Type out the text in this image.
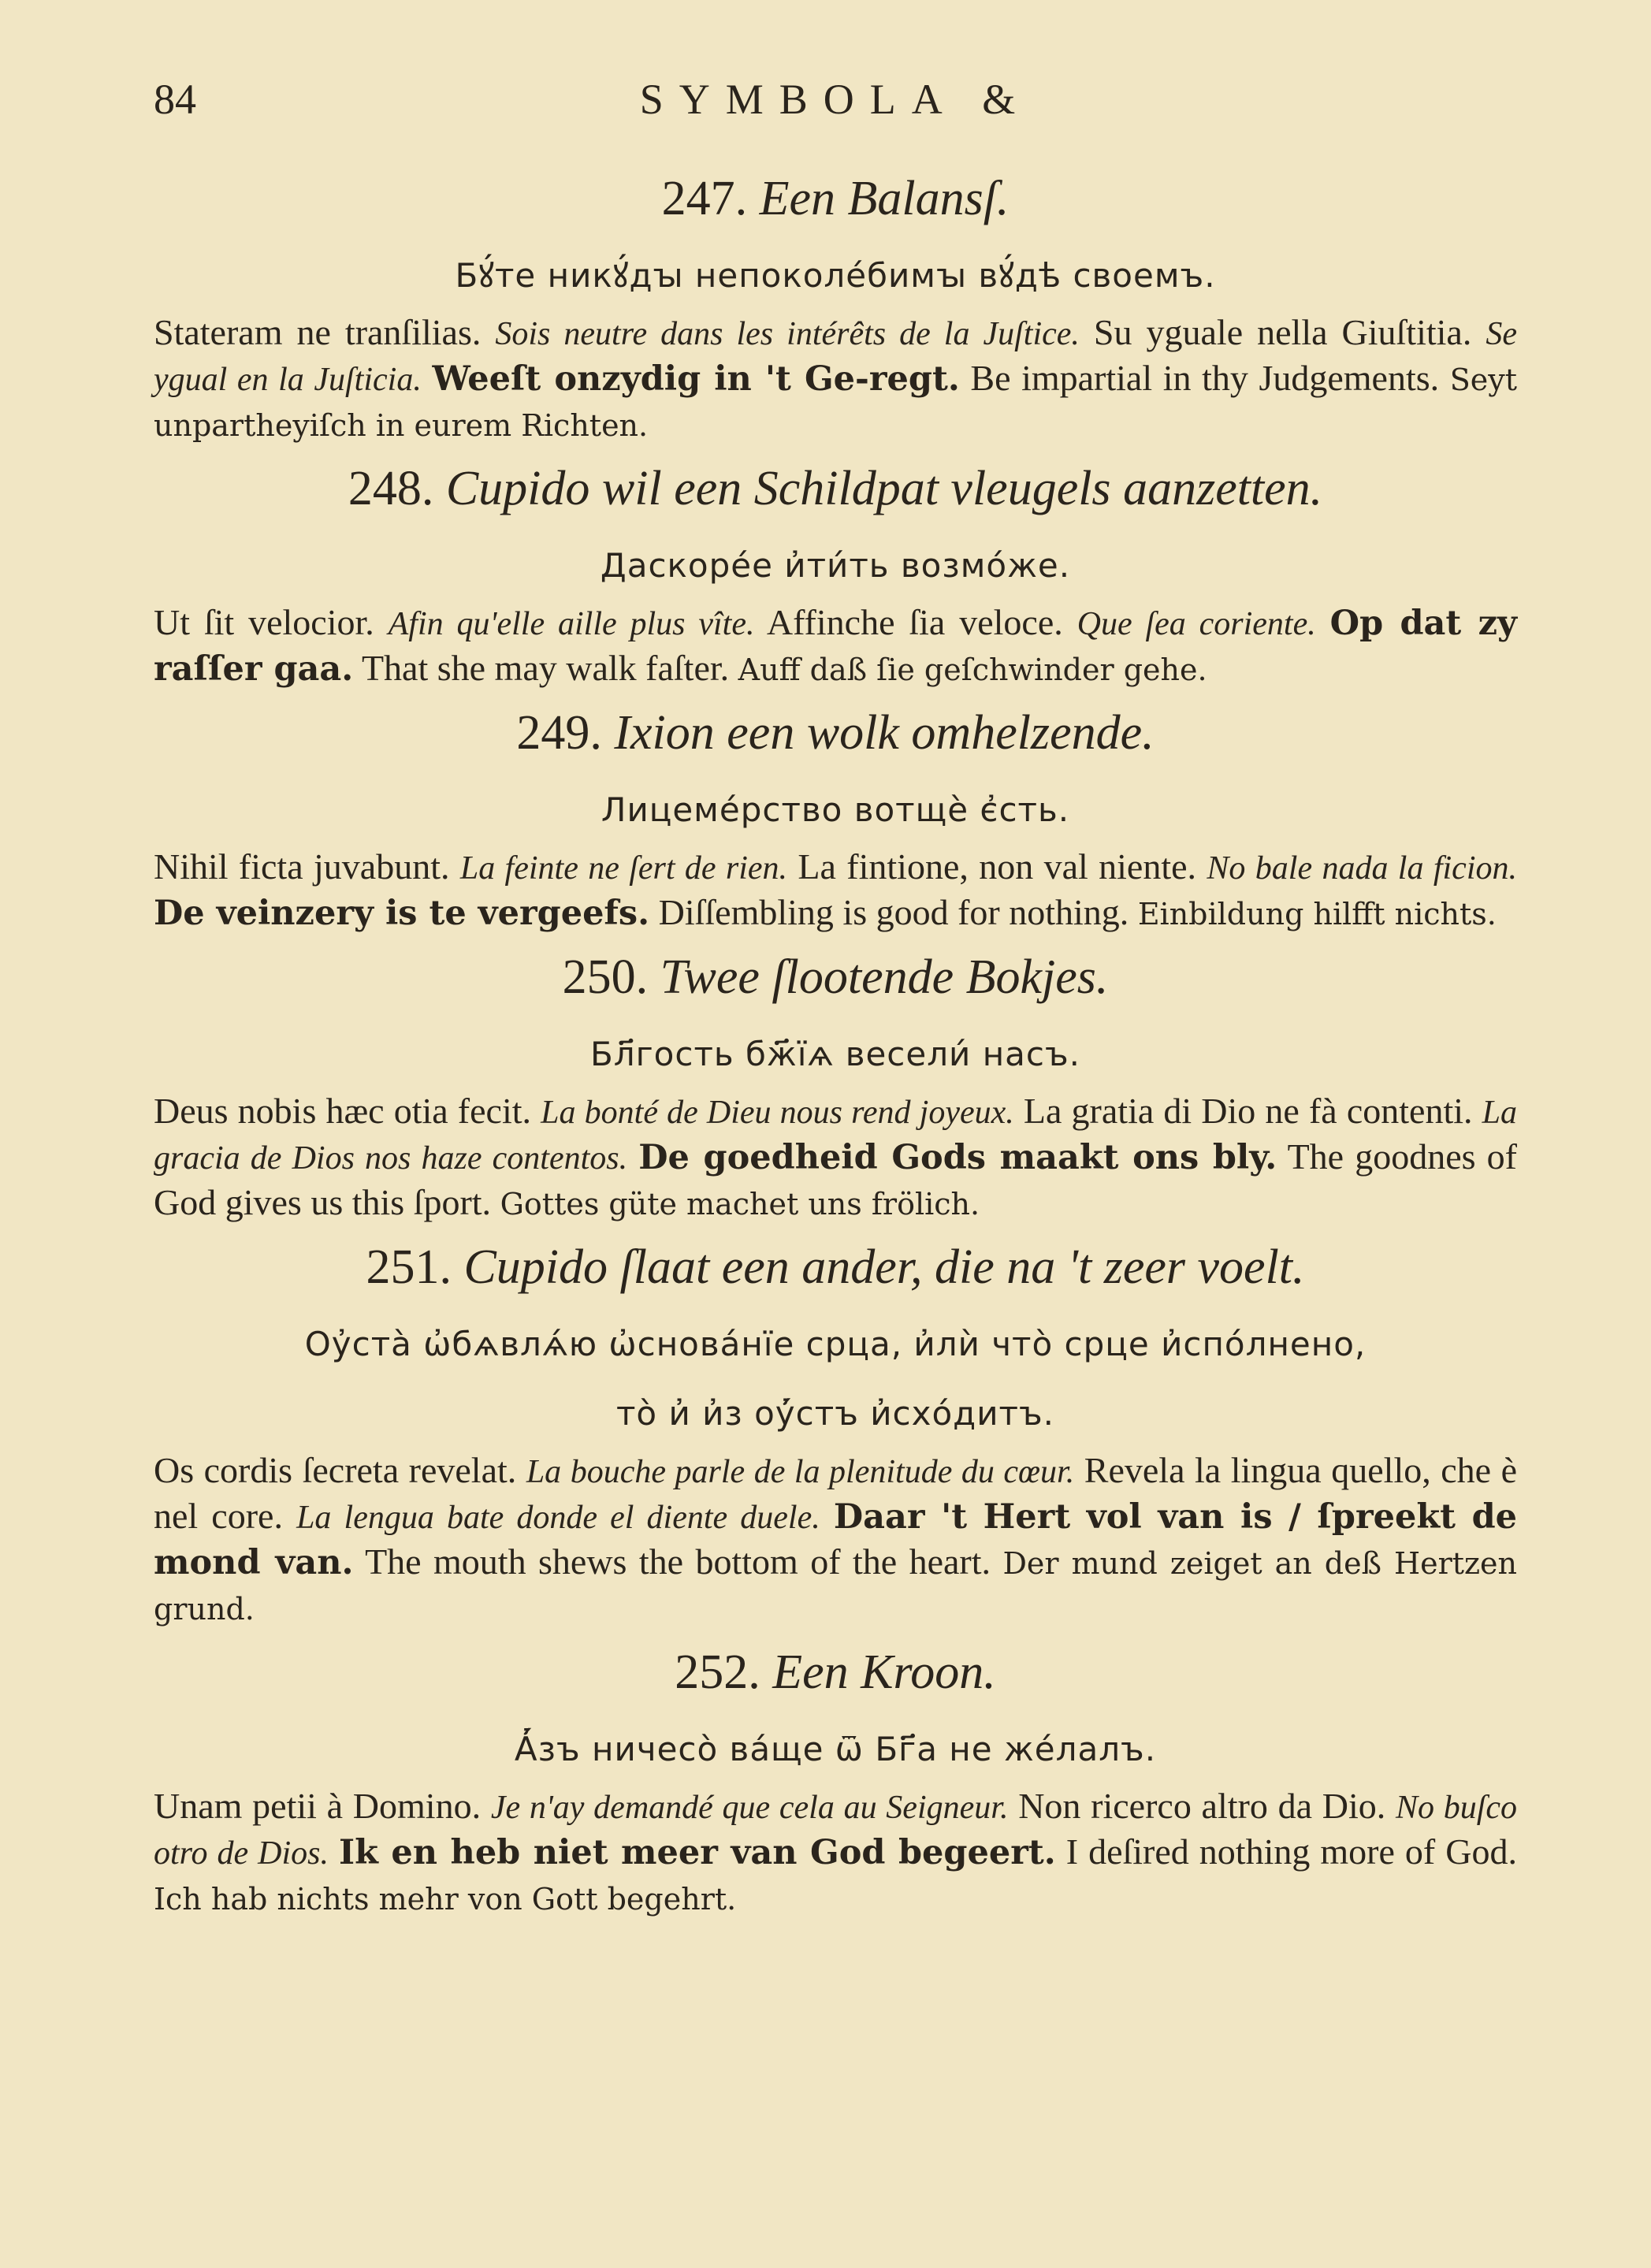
84	SYMBOLA &
247. Een Balansſ.
Бꙋ́те никꙋ́дꙑ непоколе́бимꙑ вꙋ́дѣ своемъ.
Stateram ne tranſilias. Sois neutre dans les intérêts de la Juſtice. Su yguale nella Giuſtitia. Se ygual en la Juſticia. Weeſt onzydig in 't Ge-regt. Be impartial in thy Judgements. Seyt unpartheyiſch in eurem Richten.
248. Cupido wil een Schildpat vleugels aanzetten.
Даскоре́е и҆ти́ть возмо́же.
Ut ſit velocior. Afin qu'elle aille plus vîte. Affinche ſia veloce. Que ſea coriente. Op dat zy raſſer gaa. That she may walk faſter. Auff daß ſie geſchwinder gehe.
249. Ixion een wolk omhelzende.
Лицеме́рство вотщѐ є҆сть.
Nihil ficta juvabunt. La feinte ne ſert de rien. La fintione, non val niente. No bale nada la ficion. De veinzery is te vergeefs. Diſſembling is good for nothing. Einbildung hilfft nichts.
250. Twee ſlootende Bokjes.
Бл҃гость бж҃їѧ весели́ насъ.
Deus nobis hæc otia fecit. La bonté de Dieu nous rend joyeux. La gratia di Dio ne fà contenti. La gracia de Dios nos haze contentos. De goedheid Gods maakt ons bly. The goodnes of God gives us this ſport. Gottes güte machet uns frölich.
251. Cupido ſlaat een ander, die na 't zeer voelt.
Оу҆ста̀ ѡ҆бѧвлѧ́ю ѡ҆снова́нїе срца, и҆лѝ что̀ срце и҆спо́лнено,
то̀ и҆ и҆з оу҆́стъ и҆схо́дитъ.
Os cordis ſecreta revelat. La bouche parle de la plenitude du cœur. Revela la lingua quello, che è nel core. La lengua bate donde el diente duele. Daar 't Hert vol van is / ſpreekt de mond van. The mouth shews the bottom of the heart. Der mund zeiget an deß Hertzen grund.
252. Een Kroon.
А҆́зъ ничесо̀ ва́ще ѿ Бг҃а не же́лалъ.
Unam petii à Domino. Je n'ay demandé que cela au Seigneur. Non ricerco altro da Dio. No buſco otro de Dios. Ik en heb niet meer van God begeert. I deſired nothing more of God. Ich hab nichts mehr von Gott begehrt.
